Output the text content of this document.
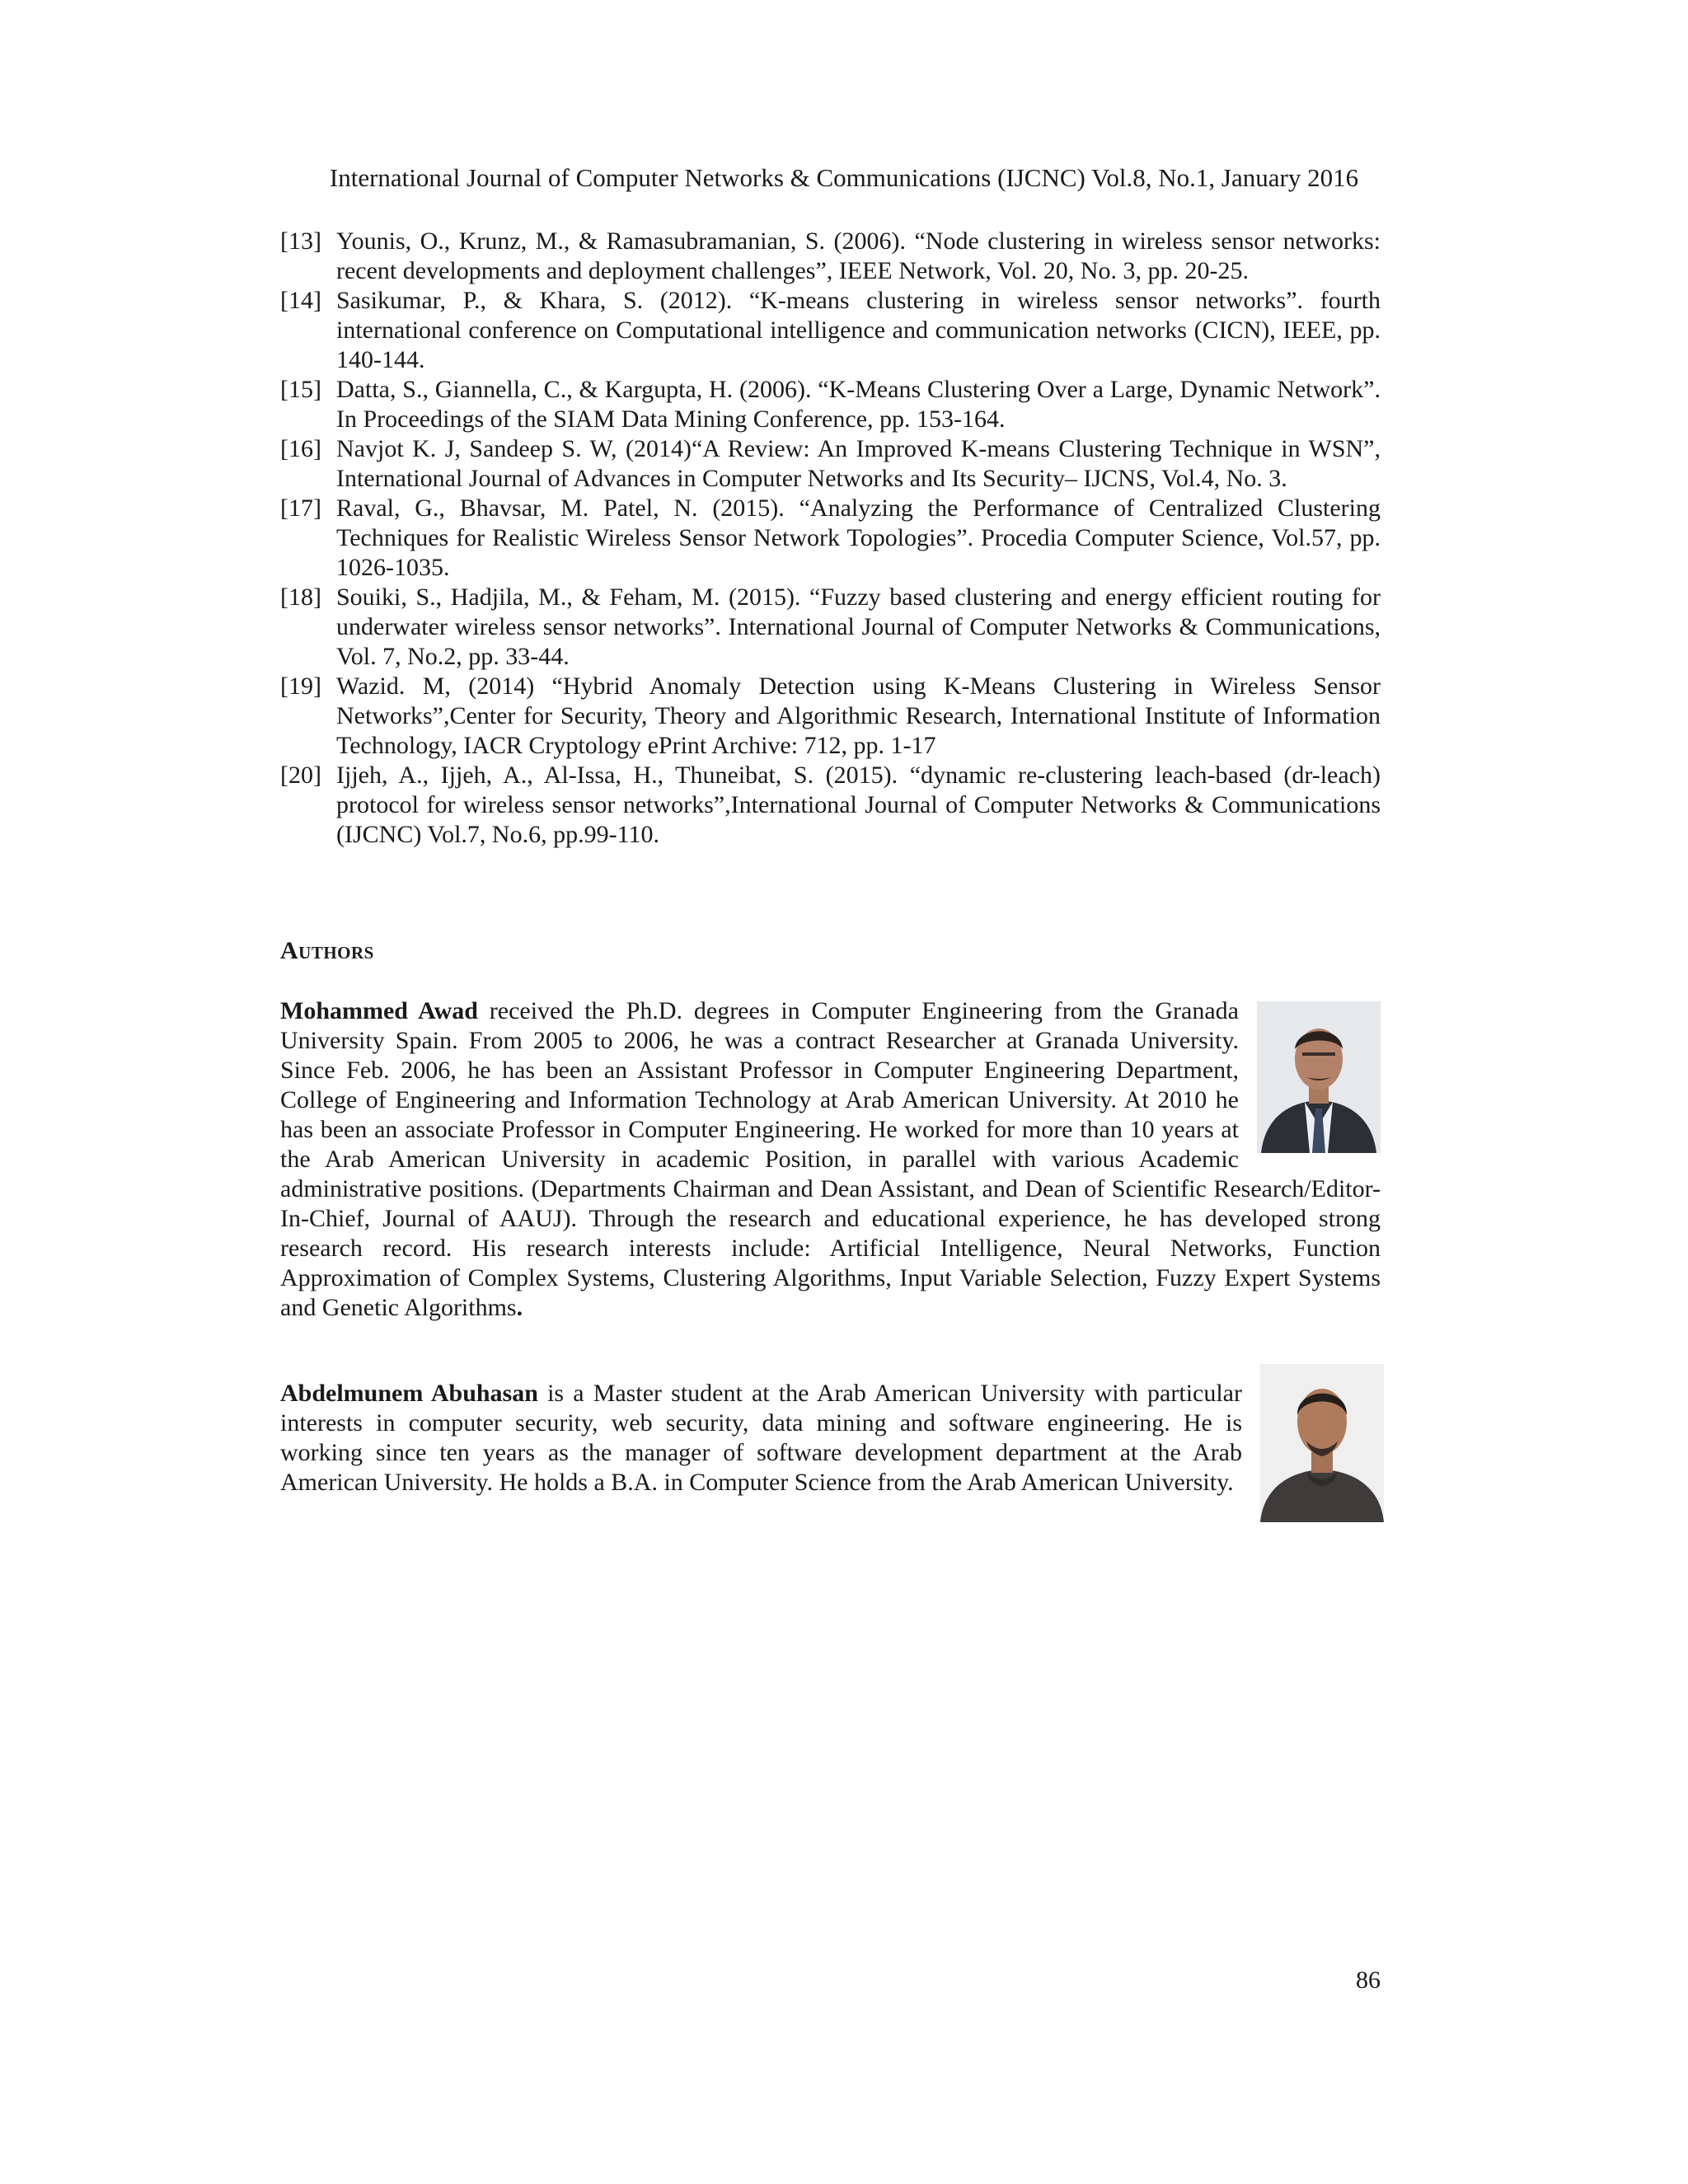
International Journal of Computer Networks & Communications (IJCNC) Vol.8, No.1, January 2016
[13] Younis, O., Krunz, M., & Ramasubramanian, S. (2006). “Node clustering in wireless sensor networks: recent developments and deployment challenges”, IEEE Network, Vol. 20, No. 3, pp. 20-25.
[14] Sasikumar, P., & Khara, S. (2012). “K-means clustering in wireless sensor networks”. fourth international conference on Computational intelligence and communication networks (CICN), IEEE, pp. 140-144.
[15] Datta, S., Giannella, C., & Kargupta, H. (2006). “K-Means Clustering Over a Large, Dynamic Network”. In Proceedings of the SIAM Data Mining Conference, pp. 153-164.
[16] Navjot K. J, Sandeep S. W, (2014)“A Review: An Improved K-means Clustering Technique in WSN”, International Journal of Advances in Computer Networks and Its Security– IJCNS, Vol.4, No. 3.
[17] Raval, G., Bhavsar, M. Patel, N. (2015). “Analyzing the Performance of Centralized Clustering Techniques for Realistic Wireless Sensor Network Topologies”. Procedia Computer Science, Vol.57, pp. 1026-1035.
[18] Souiki, S., Hadjila, M., & Feham, M. (2015). “Fuzzy based clustering and energy efficient routing for underwater wireless sensor networks”. International Journal of Computer Networks & Communications, Vol. 7, No.2, pp. 33-44.
[19] Wazid. M, (2014) “Hybrid Anomaly Detection using K-Means Clustering in Wireless Sensor Networks”,Center for Security, Theory and Algorithmic Research, International Institute of Information Technology, IACR Cryptology ePrint Archive: 712, pp. 1-17
[20] Ijjeh, A., Ijjeh, A., Al-Issa, H., Thuneibat, S. (2015). “dynamic re-clustering leach-based (dr-leach) protocol for wireless sensor networks”,International Journal of Computer Networks & Communications (IJCNC) Vol.7, No.6, pp.99-110.
Authors
Mohammed Awad received the Ph.D. degrees in Computer Engineering from the Granada University Spain. From 2005 to 2006, he was a contract Researcher at Granada University. Since Feb. 2006, he has been an Assistant Professor in Computer Engineering Department, College of Engineering and Information Technology at Arab American University. At 2010 he has been an associate Professor in Computer Engineering. He worked for more than 10 years at the Arab American University in academic Position, in parallel with various Academic administrative positions. (Departments Chairman and Dean Assistant, and Dean of Scientific Research/Editor-In-Chief, Journal of AAUJ). Through the research and educational experience, he has developed strong research record. His research interests include: Artificial Intelligence, Neural Networks, Function Approximation of Complex Systems, Clustering Algorithms, Input Variable Selection, Fuzzy Expert Systems and Genetic Algorithms.
Abdelmunem Abuhasan is a Master student at the Arab American University with particular interests in computer security, web security, data mining and software engineering. He is working since ten years as the manager of software development department at the Arab American University. He holds a B.A. in Computer Science from the Arab American University.
86
